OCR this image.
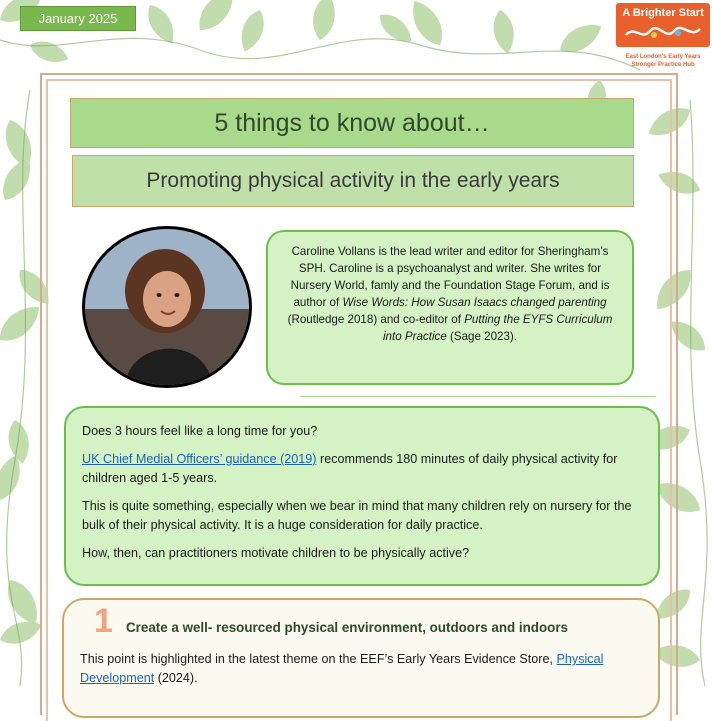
January 2025	A Brighter Start
East London's Early Years
Stronger Practice Hub
5 things to know about…
Promoting physical activity in the early years
Caroline Vollans is the lead writer and editor for Sheringham’s SPH. Caroline is a psychoanalyst and writer. She writes for Nursery World, famly and the Foundation Stage Forum, and is author of Wise Words: How Susan Isaacs changed parenting (Routledge 2018) and co-editor of Putting the EYFS Curriculum into Practice (Sage 2023).

Does 3 hours feel like a long time for you?

UK Chief Medial Officers’ guidance (2019) recommends 180 minutes of daily physical activity for children aged 1-5 years.

This is quite something, especially when we bear in mind that many children rely on nursery for the bulk of their physical activity. It is a huge consideration for daily practice.

How, then, can practitioners motivate children to be physically active?

1 Create a well- resourced physical environment, outdoors and indoors
This point is highlighted in the latest theme on the EEF’s Early Years Evidence Store, Physical Development (2024).
